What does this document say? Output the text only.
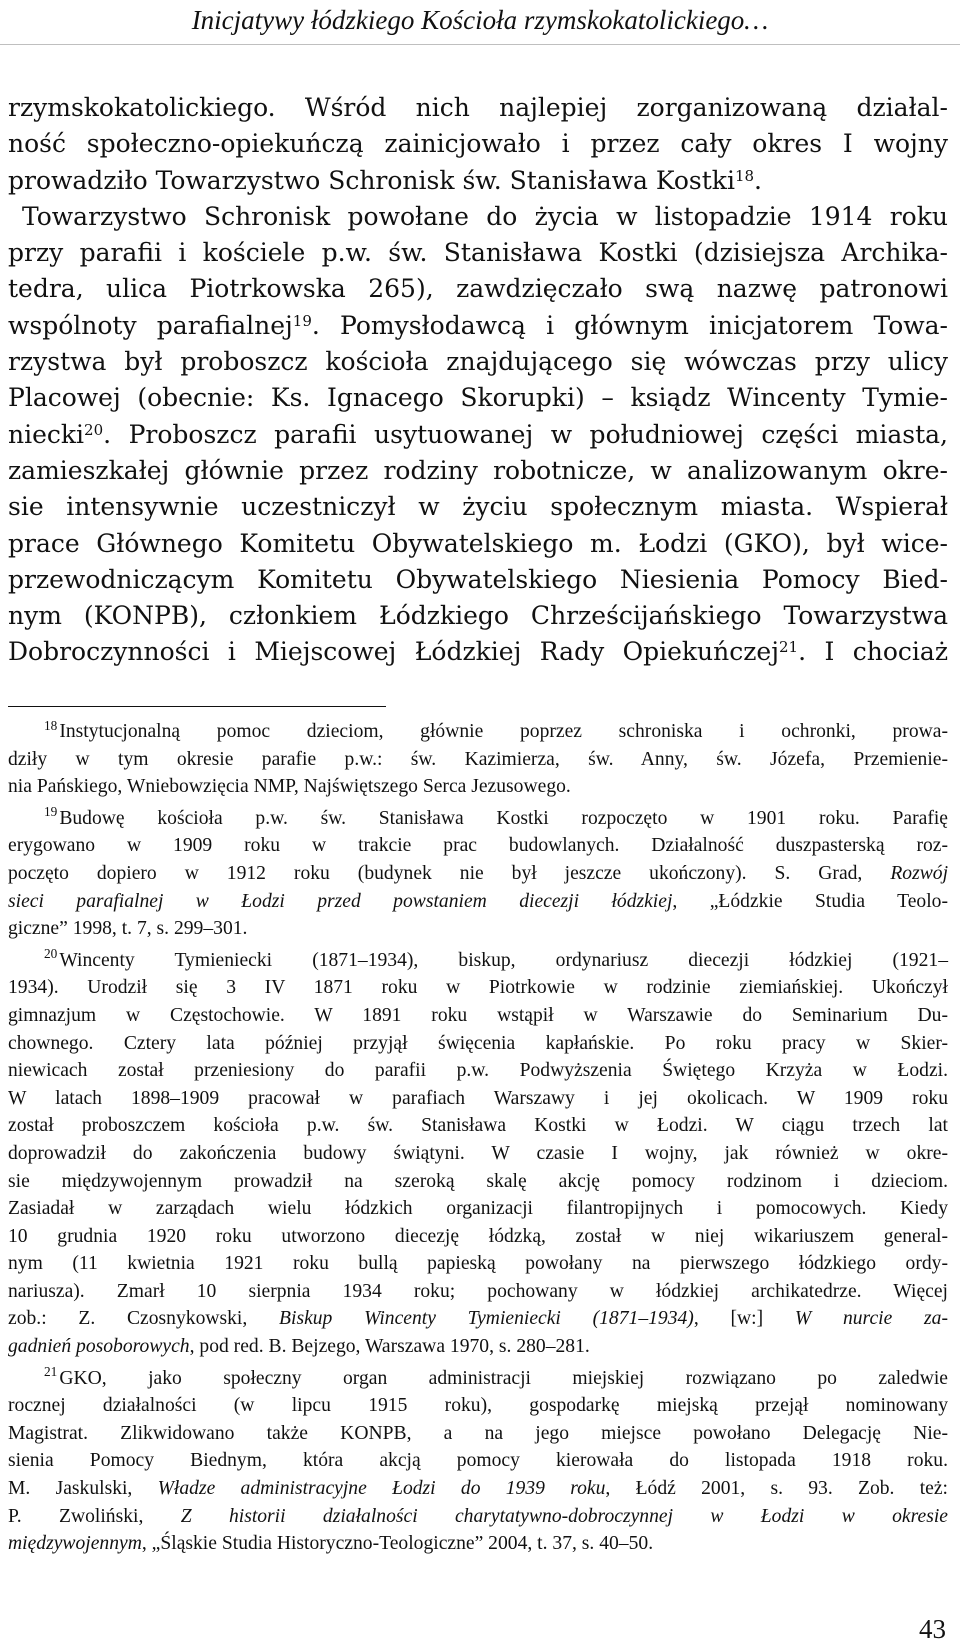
Inicjatywy łódzkiego Kościoła rzymskokatolickiego…
rzymskokatolickiego. Wśród nich najlepiej zorganizowaną działal-
ność społeczno-opiekuńczą zainicjowało i przez cały okres I wojny
prowadziło Towarzystwo Schronisk św. Stanisława Kostki$^{18}$.
Towarzystwo Schronisk powołane do życia w listopadzie 1914 roku
przy parafii i kościele p.w. św. Stanisława Kostki (dzisiejsza Archika-
tedra, ulica Piotrkowska 265), zawdzięczało swą nazwę patronowi
wspólnoty parafialnej$^{19}$. Pomysłodawcą i głównym inicjatorem Towa-
rzystwa był proboszcz kościoła znajdującego się wówczas przy ulicy
Placowej (obecnie: Ks. Ignacego Skorupki) – ksiądz Wincenty Tymie-
niecki$^{20}$. Proboszcz parafii usytuowanej w południowej części miasta,
zamieszkałej głównie przez rodziny robotnicze, w analizowanym okre-
sie intensywnie uczestniczył w życiu społecznym miasta. Wspierał
prace Głównego Komitetu Obywatelskiego m. Łodzi (GKO), był wice-
przewodniczącym Komitetu Obywatelskiego Niesienia Pomocy Bied-
nym (KONPB), członkiem Łódzkiego Chrześcijańskiego Towarzystwa
Dobroczynności i Miejscowej Łódzkiej Rady Opiekuńczej$^{21}$. I chociaż
$^{18}$ Instytucjonalną pomoc dzieciom, głównie poprzez schroniska i ochronki, prowa-
dziły w tym okresie parafie p.w.: św. Kazimierza, św. Anny, św. Józefa, Przemienie-
nia Pańskiego, Wniebowzięcia NMP, Najświętszego Serca Jezusowego.
$^{19}$ Budowę kościoła p.w. św. Stanisława Kostki rozpoczęto w 1901 roku. Parafię
erygowano w 1909 roku w trakcie prac budowlanych. Działalność duszpasterską roz-
poczęto dopiero w 1912 roku (budynek nie był jeszcze ukończony). S. Grad, Rozwój
sieci parafialnej w Łodzi przed powstaniem diecezji łódzkiej, „Łódzkie Studia Teolo-
giczne” 1998, t. 7, s. 299–301.
$^{20}$ Wincenty Tymieniecki (1871–1934), biskup, ordynariusz diecezji łódzkiej (1921–
1934). Urodził się 3 IV 1871 roku w Piotrkowie w rodzinie ziemiańskiej. Ukończył
gimnazjum w Częstochowie. W 1891 roku wstąpił w Warszawie do Seminarium Du-
chownego. Cztery lata później przyjął święcenia kapłańskie. Po roku pracy w Skier-
niewicach został przeniesiony do parafii p.w. Podwyższenia Świętego Krzyża w Łodzi.
W latach 1898–1909 pracował w parafiach Warszawy i jej okolicach. W 1909 roku
został proboszczem kościoła p.w. św. Stanisława Kostki w Łodzi. W ciągu trzech lat
doprowadził do zakończenia budowy świątyni. W czasie I wojny, jak również w okre-
sie międzywojennym prowadził na szeroką skalę akcję pomocy rodzinom i dzieciom.
Zasiadał w zarządach wielu łódzkich organizacji filantropijnych i pomocowych. Kiedy
10 grudnia 1920 roku utworzono diecezję łódzką, został w niej wikariuszem general-
nym (11 kwietnia 1921 roku bullą papieską powołany na pierwszego łódzkiego ordy-
nariusza). Zmarł 10 sierpnia 1934 roku; pochowany w łódzkiej archikatedrze. Więcej
zob.: Z. Czosnykowski, Biskup Wincenty Tymieniecki (1871–1934), [w:] W nurcie za-
gadnień posoborowych, pod red. B. Bejzego, Warszawa 1970, s. 280–281.
$^{21}$ GKO, jako społeczny organ administracji miejskiej rozwiązano po zaledwie
rocznej działalności (w lipcu 1915 roku), gospodarkę miejską przejął nominowany
Magistrat. Zlikwidowano także KONPB, a na jego miejsce powołano Delegację Nie-
sienia Pomocy Biednym, która akcją pomocy kierowała do listopada 1918 roku.
M. Jaskulski, Władze administracyjne Łodzi do 1939 roku, Łódź 2001, s. 93. Zob. też:
P. Zwoliński, Z historii działalności charytatywno-dobroczynnej w Łodzi w okresie
międzywojennym, „Śląskie Studia Historyczno-Teologiczne” 2004, t. 37, s. 40–50.
43
